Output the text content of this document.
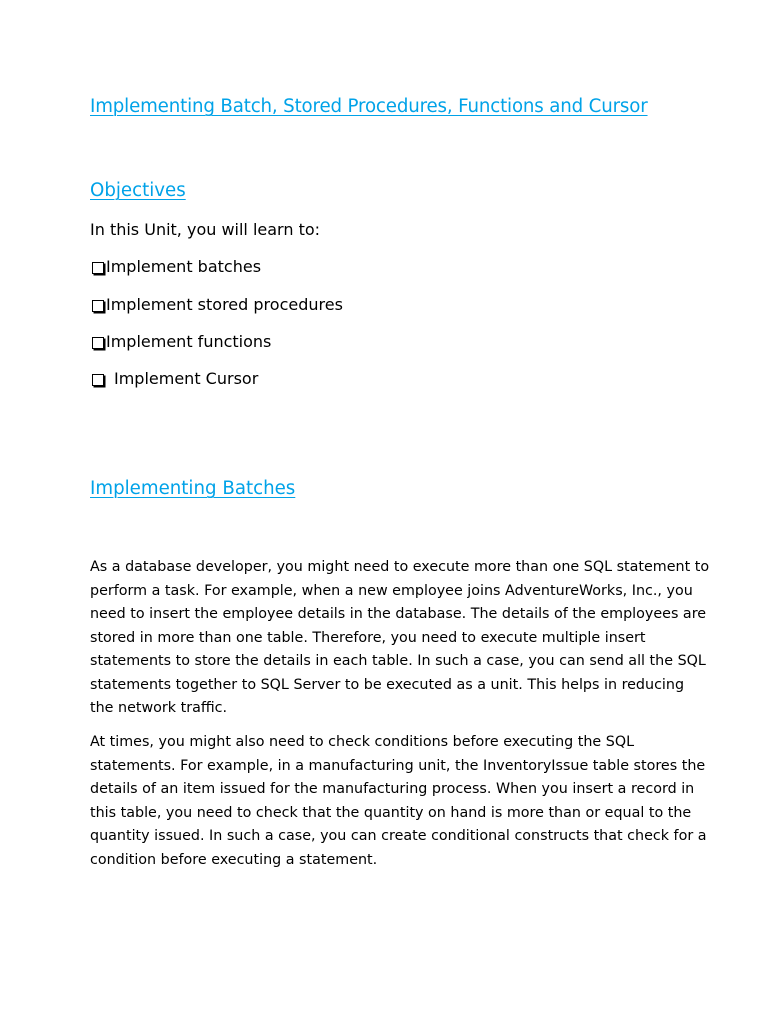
Implementing Batch, Stored Procedures, Functions and Cursor
Objectives

In this Unit, you will learn to:

Implement batches
Implement stored procedures
Implement functions
Implement Cursor
Implementing Batches

As a database developer, you might need to execute more than one SQL statement to
perform a task. For example, when a new employee joins AdventureWorks, Inc., you
need to insert the employee details in the database. The details of the employees are
stored in more than one table. Therefore, you need to execute multiple insert
statements to store the details in each table. In such a case, you can send all the SQL
statements together to SQL Server to be executed as a unit. This helps in reducing
the network traffic.

At times, you might also need to check conditions before executing the SQL
statements. For example, in a manufacturing unit, the InventoryIssue table stores the
details of an item issued for the manufacturing process. When you insert a record in
this table, you need to check that the quantity on hand is more than or equal to the
quantity issued. In such a case, you can create conditional constructs that check for a
condition before executing a statement.
